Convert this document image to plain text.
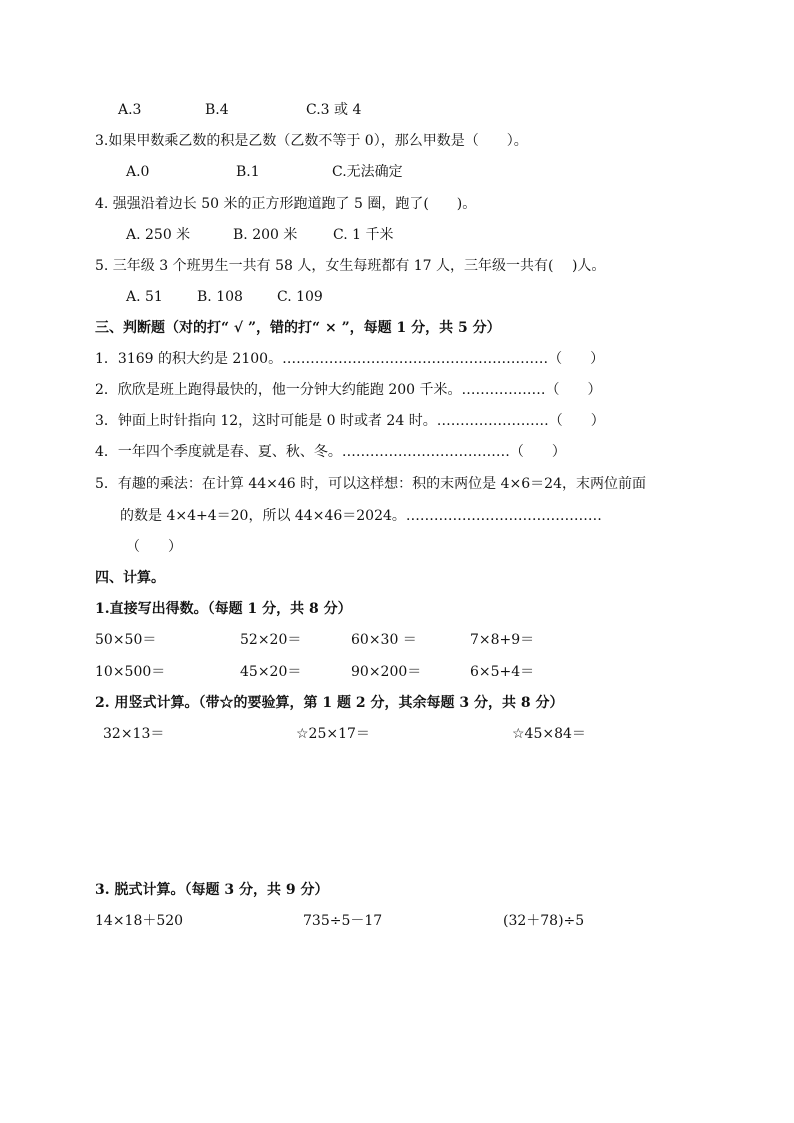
A.3	B.4	C.3 或 4
3.如果甲数乘乙数的积是乙数（乙数不等于 0），那么甲数是（　　）。
A.0	B.1	C.无法确定
4. 强强沿着边长 50 米的正方形跑道跑了 5 圈，跑了(　　)。
A. 250 米	B. 200 米	C. 1 千米
5. 三年级 3 个班男生一共有 58 人，女生每班都有 17 人，三年级一共有(　 )人。
A. 51 B. 108 C. 109
三、判断题（对的打“ √ ”，错的打“ × ”，每题 1 分，共 5 分）
1．3169 的积大约是 2100。…………………………………………………（　　）
2．欣欣是班上跑得最快的，他一分钟大约能跑 200 千米。………………（　　）
3．钟面上时针指向 12，这时可能是 0 时或者 24 时。……………………（　　）
4．一年四个季度就是春、夏、秋、冬。………………………………（　　）
5．有趣的乘法：在计算 44×46 时，可以这样想：积的末两位是 4×6＝24，末两位前面
的数是 4×4+4＝20，所以 44×46＝2024。……………………………………
（　　）
四、计算。
1.直接写出得数。（每题 1 分，共 8 分）
50×50＝	52×20＝	60×30 ＝	7×8+9＝
10×500＝	45×20＝	90×200＝	6×5+4＝
2. 用竖式计算。（带☆的要验算，第 1 题 2 分，其余每题 3 分，共 8 分）
32×13＝	☆25×17＝	☆45×84＝
3. 脱式计算。（每题 3 分，共 9 分）
14×18＋520	735÷5－17	(32＋78)÷5
